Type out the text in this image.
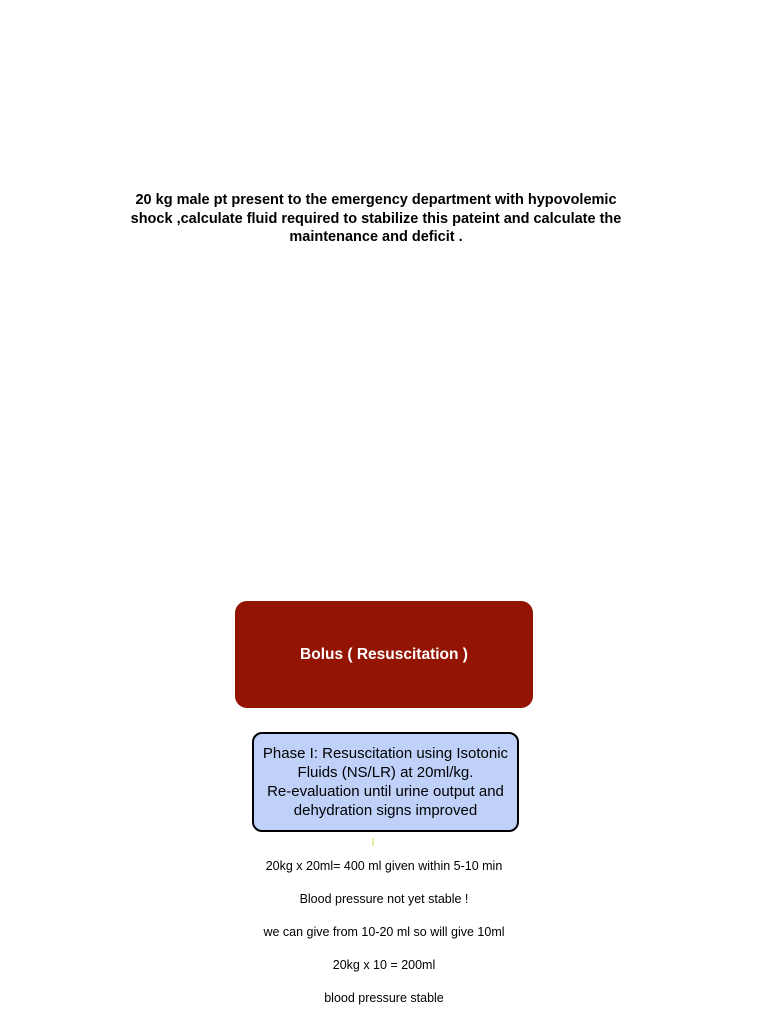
20 kg male pt present to the emergency department with hypovolemic
shock ,calculate fluid required to stabilize this pateint and calculate the
maintenance and deficit .
Bolus ( Resuscitation )
Phase I: Resuscitation using Isotonic
Fluids (NS/LR) at 20ml/kg.
Re-evaluation until urine output and
dehydration signs improved
20kg x 20ml= 400 ml given within 5-10 min
Blood pressure not yet stable !
we can give from 10-20 ml so will give 10ml
20kg x 10 = 200ml
blood pressure stable
